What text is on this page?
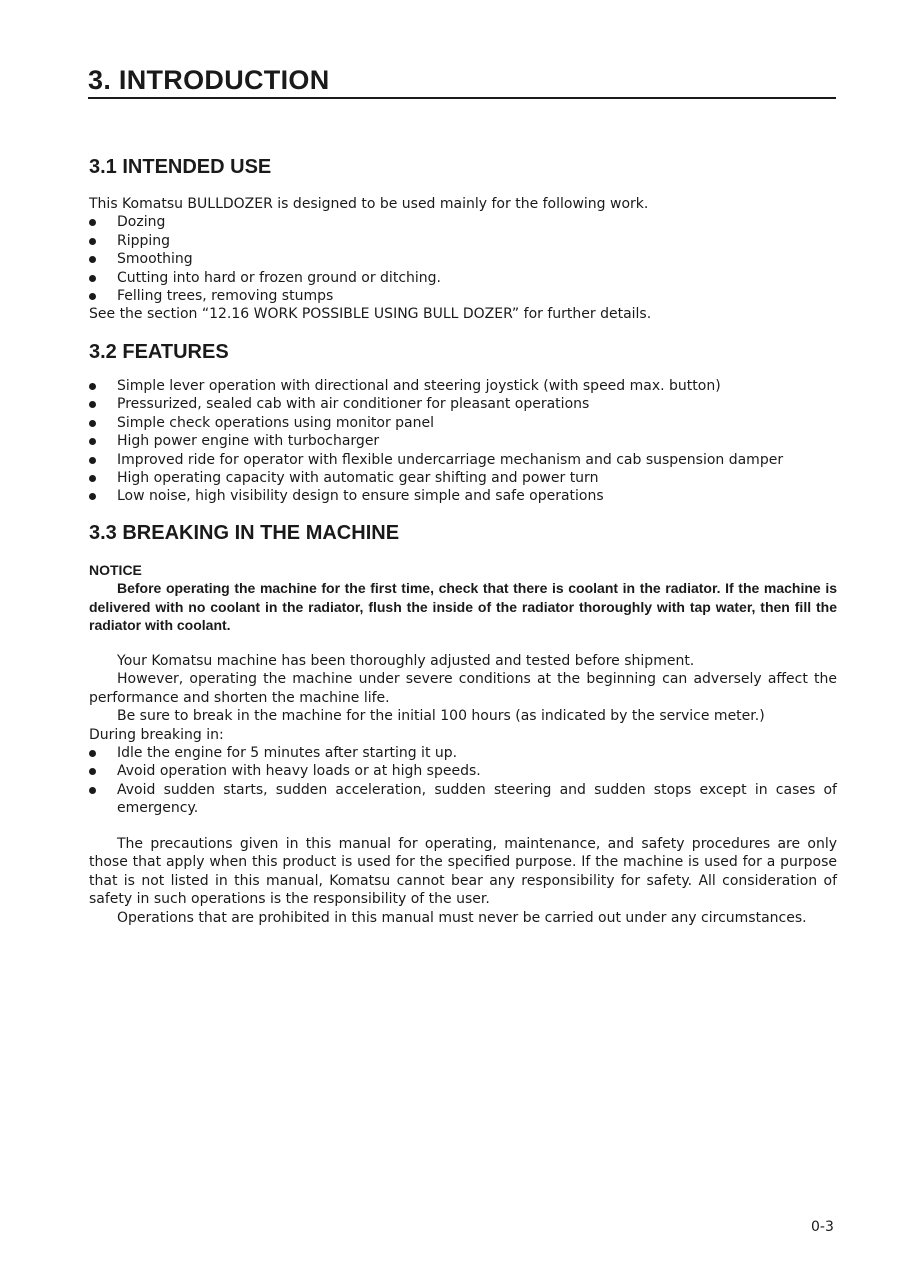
3. INTRODUCTION
3.1 INTENDED USE

This Komatsu BULLDOZER is designed to be used mainly for the following work.

Dozing
Ripping
Smoothing
Cutting into hard or frozen ground or ditching.
Felling trees, removing stumps

See the section “12.16 WORK POSSIBLE USING BULL DOZER” for further details.

3.2 FEATURES
Simple lever operation with directional and steering joystick (with speed max. button)
Pressurized, sealed cab with air conditioner for pleasant operations
Simple check operations using monitor panel
High power engine with turbocharger
Improved ride for operator with flexible undercarriage mechanism and cab suspension damper
High operating capacity with automatic gear shifting and power turn
Low noise, high visibility design to ensure simple and safe operations
3.3 BREAKING IN THE MACHINE
NOTICE
Before operating the machine for the first time, check that there is coolant in the radiator. If the machine is delivered with no coolant in the radiator, flush the inside of the radiator thoroughly with tap water, then fill the radiator with coolant.

Your Komatsu machine has been thoroughly adjusted and tested before shipment.

However, operating the machine under severe conditions at the beginning can adversely affect the performance and shorten the machine life.

Be sure to break in the machine for the initial 100 hours (as indicated by the service meter.)

During breaking in:

Idle the engine for 5 minutes after starting it up.
Avoid operation with heavy loads or at high speeds.
Avoid sudden starts, sudden acceleration, sudden steering and sudden stops except in cases of emergency.

The precautions given in this manual for operating, maintenance, and safety procedures are only those that apply when this product is used for the specified purpose. If the machine is used for a purpose that is not listed in this manual, Komatsu cannot bear any responsibility for safety. All consideration of safety in such operations is the responsibility of the user.

Operations that are prohibited in this manual must never be carried out under any circumstances.

0-3
